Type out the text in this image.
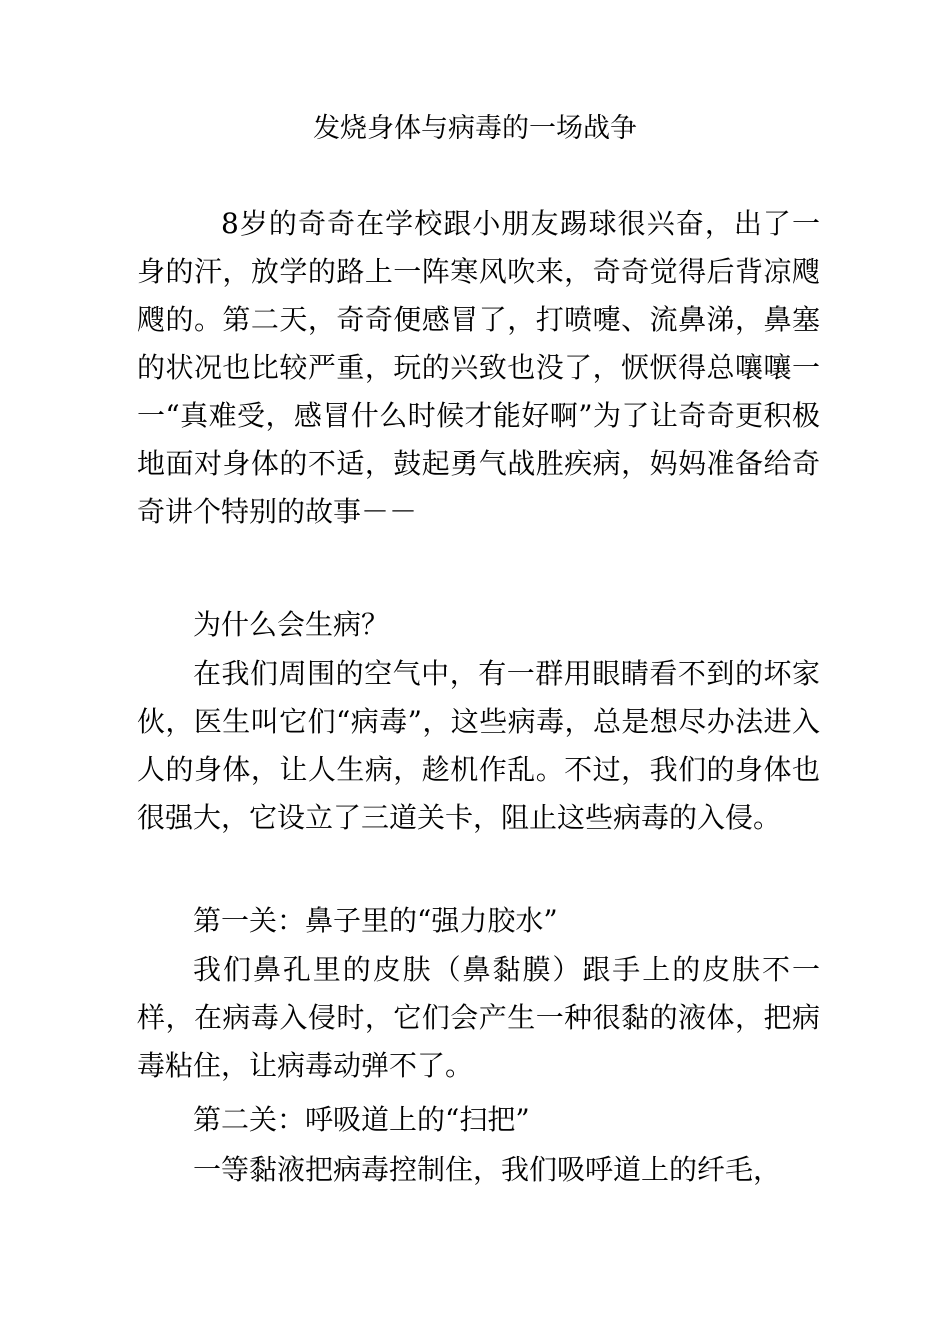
发烧身体与病毒的一场战争

8岁的奇奇在学校跟小朋友踢球很兴奋，出了一身的汗，放学的路上一阵寒风吹来，奇奇觉得后背凉飕飕的。第二天，奇奇便感冒了，打喷嚏、流鼻涕，鼻塞的状况也比较严重，玩的兴致也没了，恹恹得总嚷嚷一一“真难受，感冒什么时候才能好啊”为了让奇奇更积极地面对身体的不适，鼓起勇气战胜疾病，妈妈准备给奇奇讲个特别的故事－－

为什么会生病？

在我们周围的空气中，有一群用眼睛看不到的坏家伙，医生叫它们“病毒”，这些病毒，总是想尽办法进入人的身体，让人生病，趁机作乱。不过，我们的身体也很强大，它设立了三道关卡，阻止这些病毒的入侵。

第一关：鼻子里的“强力胶水”

我们鼻孔里的皮肤（鼻黏膜）跟手上的皮肤不一样，在病毒入侵时，它们会产生一种很黏的液体，把病毒粘住，让病毒动弹不了。

第二关：呼吸道上的“扫把”

一等黏液把病毒控制住，我们吸呼道上的纤毛，
